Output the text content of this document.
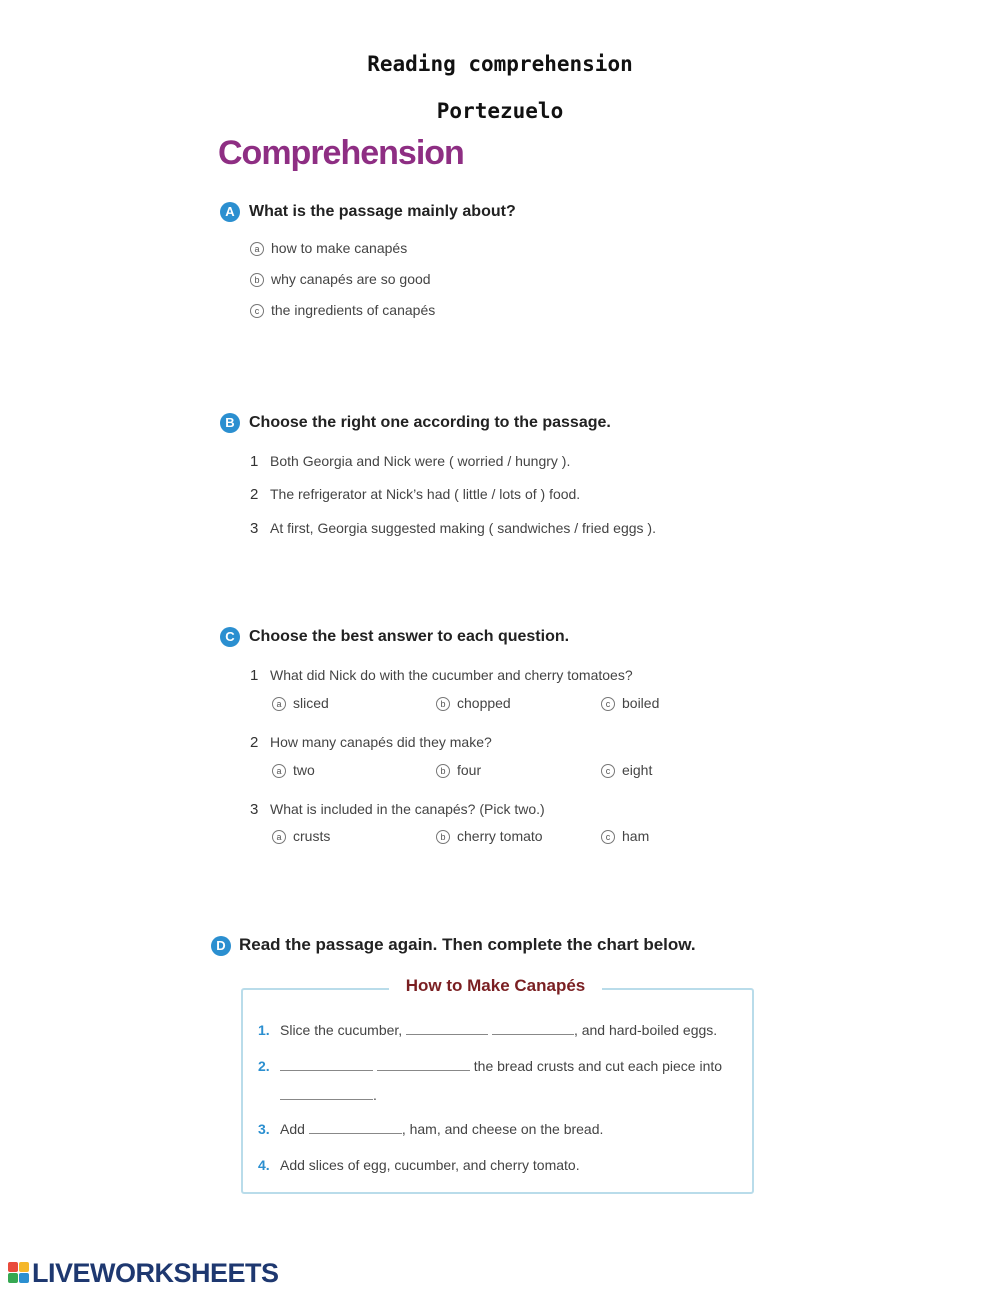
Reading comprehension
Portezuelo
Comprehension
A What is the passage mainly about?
a how to make canapés
b why canapés are so good
c the ingredients of canapés
B Choose the right one according to the passage.
1 Both Georgia and Nick were ( worried / hungry ).
2 The refrigerator at Nick’s had ( little / lots of ) food.
3 At first, Georgia suggested making ( sandwiches / fried eggs ).
C Choose the best answer to each question.
1 What did Nick do with the cucumber and cherry tomatoes?
a sliced	b chopped	c boiled
2 How many canapés did they make?
a two	b four	c eight
3 What is included in the canapés? (Pick two.)
a crusts	b cherry tomato	c ham
D Read the passage again. Then complete the chart below.
How to Make Canapés
1. Slice the cucumber,	, and hard-boiled eggs.
2.	the bread crusts and cut each piece into
.
3. Add	, ham, and cheese on the bread.
4. Add slices of egg, cucumber, and cherry tomato.
LIVEWORKSHEETS
